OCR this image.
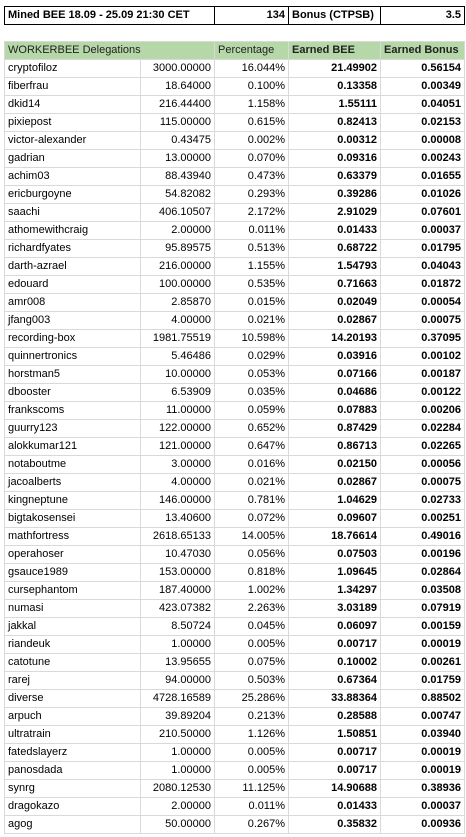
Mined BEE 18.09 - 25.09 21:30 CET	134	Bonus (CTPSB)	3.5
WORKERBEE Delegations		Percentage	Earned BEE	Earned Bonus
cryptofiloz	3000.00000	16.044%	21.49902	0.56154
fiberfrau	18.64000	0.100%	0.13358	0.00349
dkid14	216.44400	1.158%	1.55111	0.04051
pixiepost	115.00000	0.615%	0.82413	0.02153
victor-alexander	0.43475	0.002%	0.00312	0.00008
gadrian	13.00000	0.070%	0.09316	0.00243
achim03	88.43940	0.473%	0.63379	0.01655
ericburgoyne	54.82082	0.293%	0.39286	0.01026
saachi	406.10507	2.172%	2.91029	0.07601
athomewithcraig	2.00000	0.011%	0.01433	0.00037
richardfyates	95.89575	0.513%	0.68722	0.01795
darth-azrael	216.00000	1.155%	1.54793	0.04043
edouard	100.00000	0.535%	0.71663	0.01872
amr008	2.85870	0.015%	0.02049	0.00054
jfang003	4.00000	0.021%	0.02867	0.00075
recording-box	1981.75519	10.598%	14.20193	0.37095
quinnertronics	5.46486	0.029%	0.03916	0.00102
horstman5	10.00000	0.053%	0.07166	0.00187
dbooster	6.53909	0.035%	0.04686	0.00122
frankscoms	11.00000	0.059%	0.07883	0.00206
guurry123	122.00000	0.652%	0.87429	0.02284
alokkumar121	121.00000	0.647%	0.86713	0.02265
notaboutme	3.00000	0.016%	0.02150	0.00056
jacoalberts	4.00000	0.021%	0.02867	0.00075
kingneptune	146.00000	0.781%	1.04629	0.02733
bigtakosensei	13.40600	0.072%	0.09607	0.00251
mathfortress	2618.65133	14.005%	18.76614	0.49016
operahoser	10.47030	0.056%	0.07503	0.00196
gsauce1989	153.00000	0.818%	1.09645	0.02864
cursephantom	187.40000	1.002%	1.34297	0.03508
numasi	423.07382	2.263%	3.03189	0.07919
jakkal	8.50724	0.045%	0.06097	0.00159
riandeuk	1.00000	0.005%	0.00717	0.00019
catotune	13.95655	0.075%	0.10002	0.00261
rarej	94.00000	0.503%	0.67364	0.01759
diverse	4728.16589	25.286%	33.88364	0.88502
arpuch	39.89204	0.213%	0.28588	0.00747
ultratrain	210.50000	1.126%	1.50851	0.03940
fatedslayerz	1.00000	0.005%	0.00717	0.00019
panosdada	1.00000	0.005%	0.00717	0.00019
synrg	2080.12530	11.125%	14.90688	0.38936
dragokazo	2.00000	0.011%	0.01433	0.00037
agog	50.00000	0.267%	0.35832	0.00936
